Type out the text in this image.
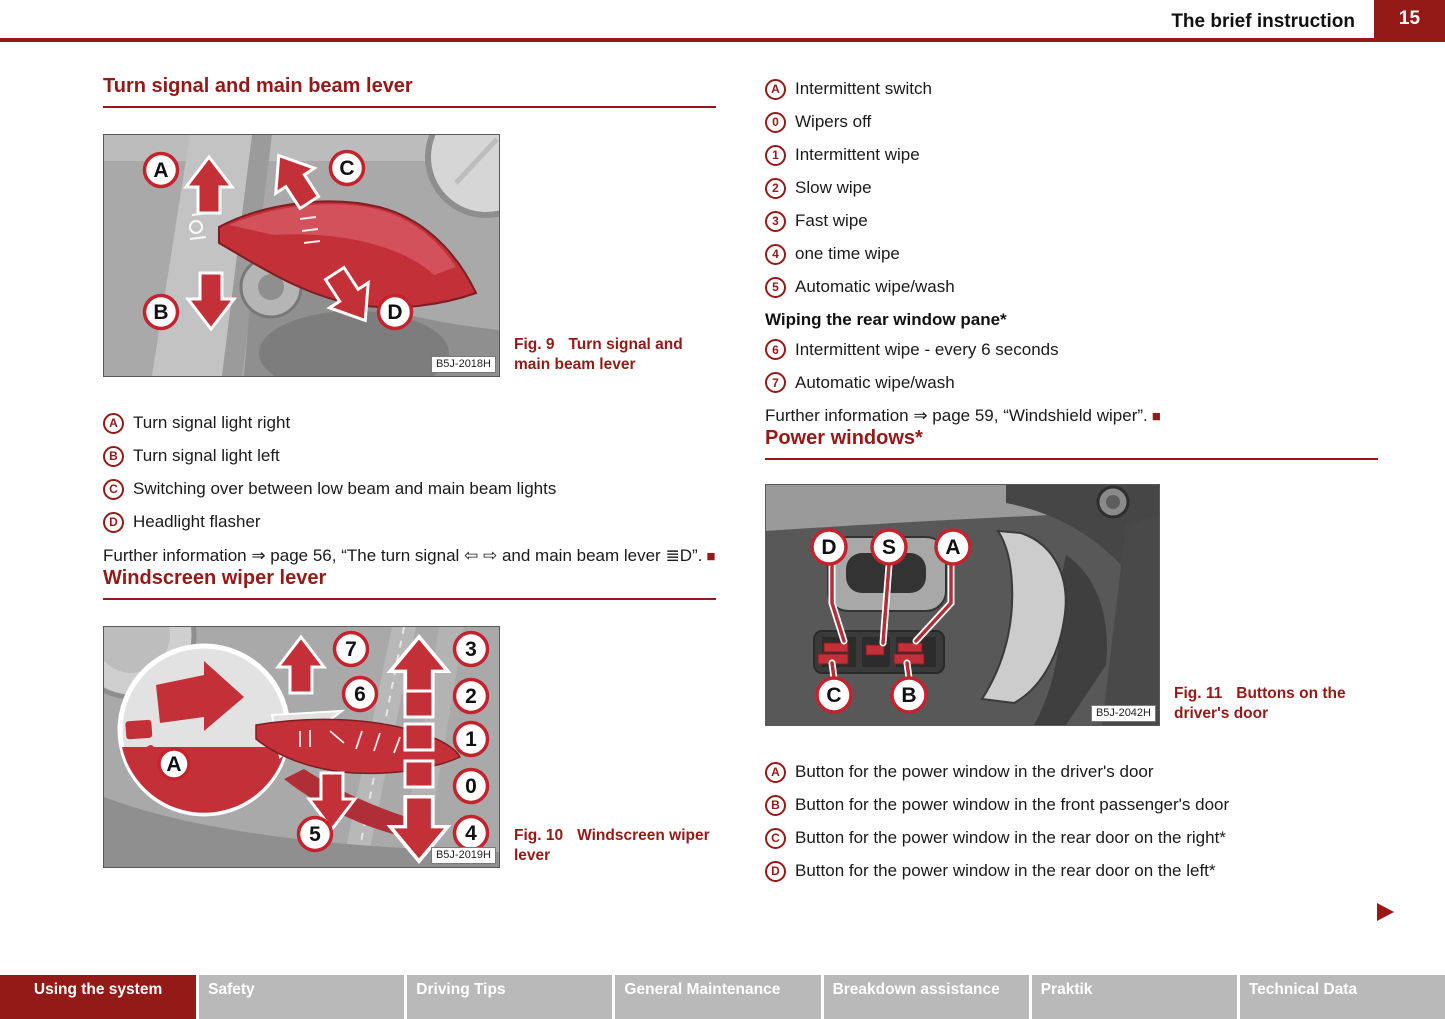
The brief instruction	15
Turn signal and main beam lever
A	C
B	D
B5J-2018H
Fig. 9 Turn signal and main beam lever
A Turn signal light right
B Turn signal light left
C Switching over between low beam and main beam lights
D Headlight flasher

Further information ⇒ page 56, “The turn signal ⇦ ⇨ and main beam lever ≣D”. ■

Windscreen wiper lever
7
6
3
2
1
0
A
5	4
B5J-2019H
Fig. 10 Windscreen wiper lever
A Intermittent switch
0 Wipers off
1 Intermittent wipe
2 Slow wipe
3 Fast wipe
4 one time wipe
5 Automatic wipe/wash
Wiping the rear window pane*
6 Intermittent wipe - every 6 seconds
7 Automatic wipe/wash

Further information ⇒ page 59, “Windshield wiper”. ■

Power windows*
D S A
C	B
B5J-2042H
Fig. 11 Buttons on the driver's door
A Button for the power window in the driver's door
B Button for the power window in the front passenger's door
C Button for the power window in the rear door on the right*
D Button for the power window in the rear door on the left*
Using the system	Safety	Driving Tips	General Maintenance	Breakdown assistance	Praktik	Technical Data
